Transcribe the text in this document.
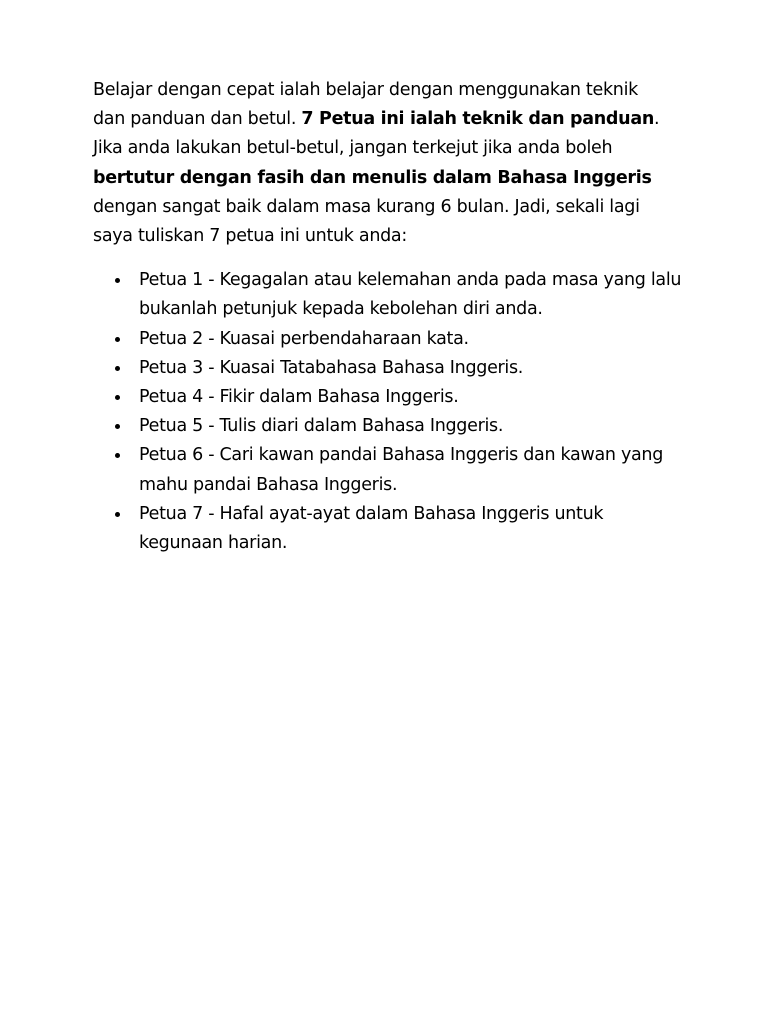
Belajar dengan cepat ialah belajar dengan menggunakan teknik dan panduan dan betul. 7 Petua ini ialah teknik dan panduan. Jika anda lakukan betul-betul, jangan terkejut jika anda boleh bertutur dengan fasih dan menulis dalam Bahasa Inggeris dengan sangat baik dalam masa kurang 6 bulan. Jadi, sekali lagi saya tuliskan 7 petua ini untuk anda:

Petua 1 - Kegagalan atau kelemahan anda pada masa yang lalu bukanlah petunjuk kepada kebolehan diri anda.
Petua 2 - Kuasai perbendaharaan kata.
Petua 3 - Kuasai Tatabahasa Bahasa Inggeris.
Petua 4 - Fikir dalam Bahasa Inggeris.
Petua 5 - Tulis diari dalam Bahasa Inggeris.
Petua 6 - Cari kawan pandai Bahasa Inggeris dan kawan yang mahu pandai Bahasa Inggeris.
Petua 7 - Hafal ayat-ayat dalam Bahasa Inggeris untuk kegunaan harian.
